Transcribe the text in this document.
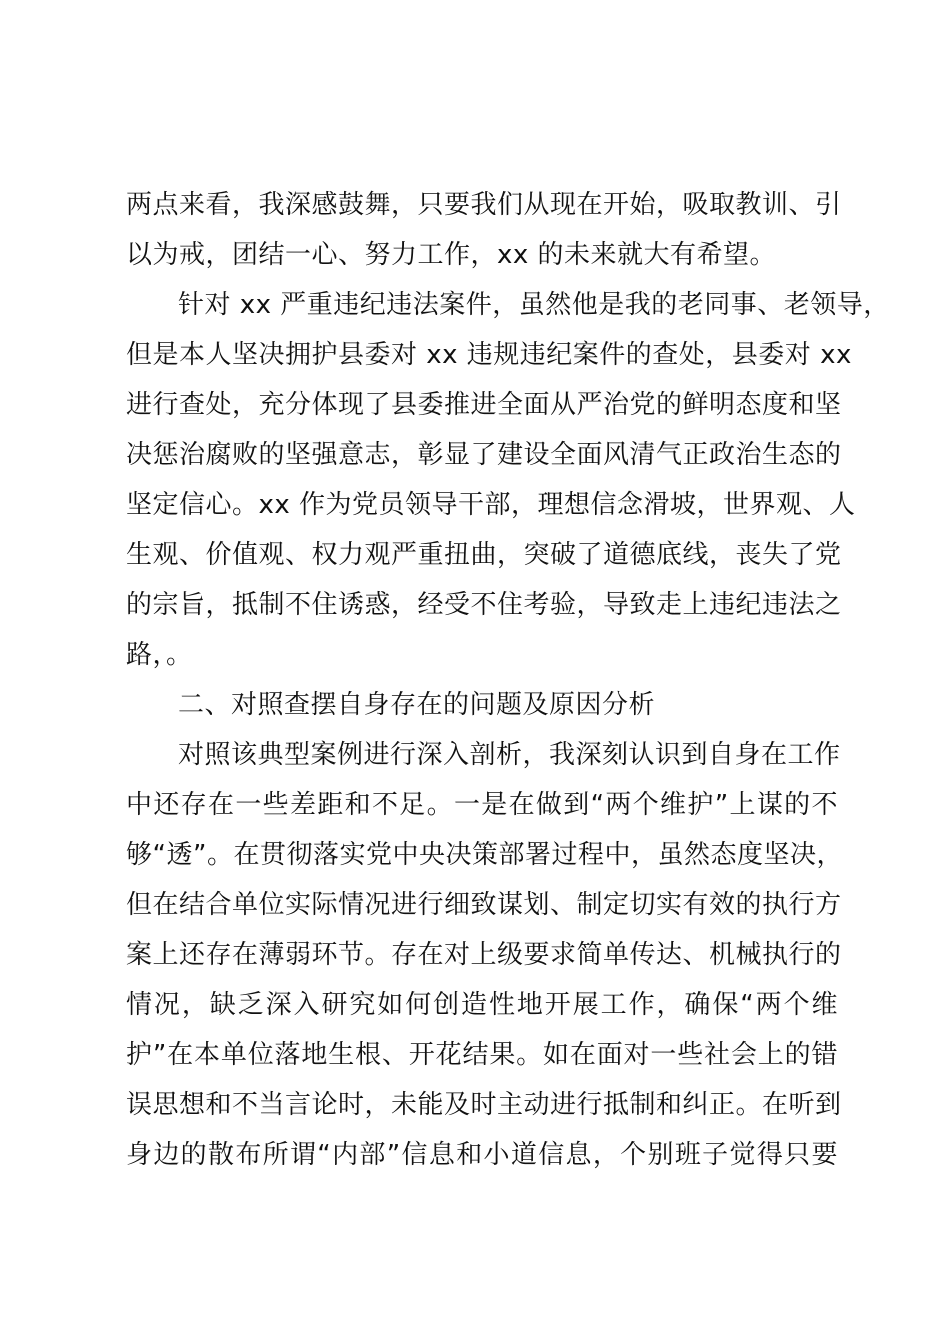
两点来看，我深感鼓舞，只要我们从现在开始，吸取教训、引
以为戒，团结一心、努力工作，xx 的未来就大有希望。
针对 xx 严重违纪违法案件，虽然他是我的老同事、老领导，
但是本人坚决拥护县委对 xx 违规违纪案件的查处，县委对 xx
进行查处，充分体现了县委推进全面从严治党的鲜明态度和坚
决惩治腐败的坚强意志，彰显了建设全面风清气正政治生态的
坚定信心。xx 作为党员领导干部，理想信念滑坡，世界观、人
生观、价值观、权力观严重扭曲，突破了道德底线，丧失了党
的宗旨，抵制不住诱惑，经受不住考验，导致走上违纪违法之
路，。
二、对照查摆自身存在的问题及原因分析
对照该典型案例进行深入剖析，我深刻认识到自身在工作
中还存在一些差距和不足。一是在做到“两个维护”上谋的不
够“透”。在贯彻落实党中央决策部署过程中，虽然态度坚决，
但在结合单位实际情况进行细致谋划、制定切实有效的执行方
案上还存在薄弱环节。存在对上级要求简单传达、机械执行的
情况，缺乏深入研究如何创造性地开展工作，确保“两个维
护”在本单位落地生根、开花结果。如在面对一些社会上的错
误思想和不当言论时，未能及时主动进行抵制和纠正。在听到
身边的散布所谓“内部”信息和小道信息，个别班子觉得只要
